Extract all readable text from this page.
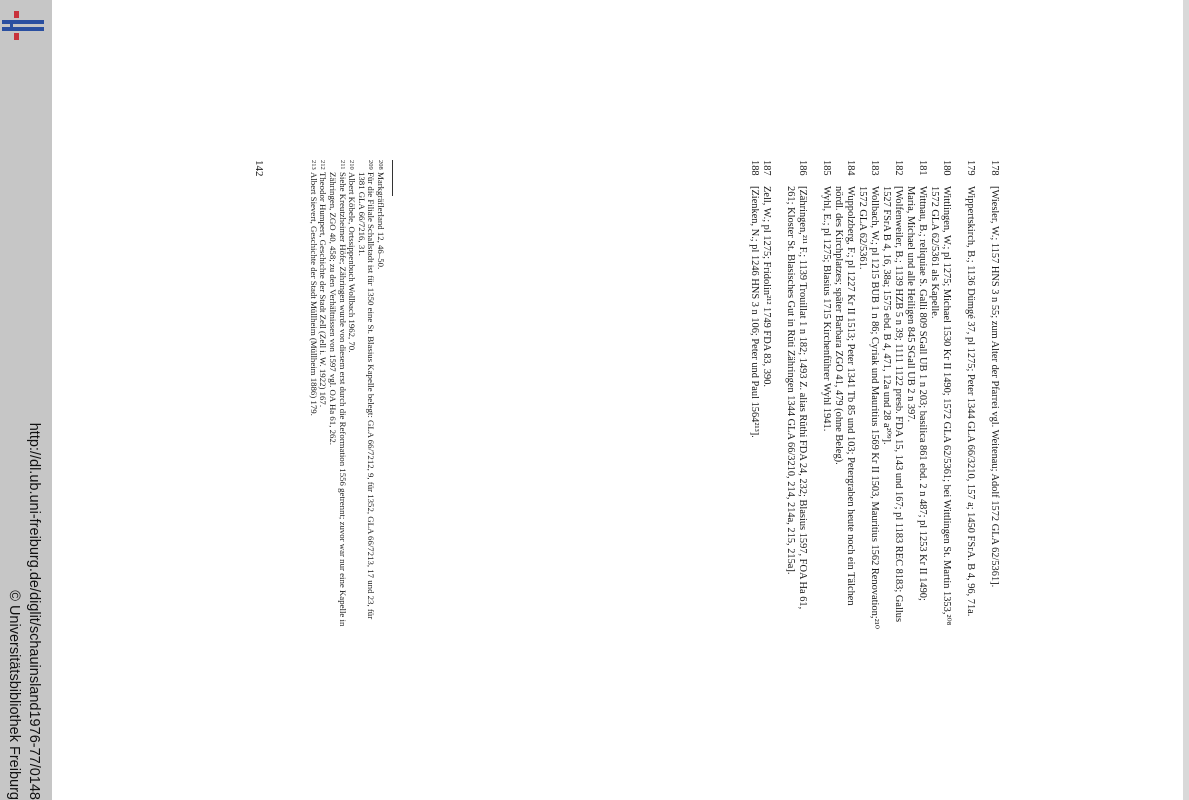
http://dl.ub.uni-freiburg.de/diglit/schauinsland1976-77/0148
© Universitätsbibliothek Freiburg
178
[Wiesler, W.; 1157 HNS 3 n 55; zum Alter der Pfarrei vgl. Weitenau; Adolf 1572 GLA 62/5361].
179
Wippertskirch, B.; 1136 Dümgé 37, pl 1275; Peter 1344 GLA 66/3210, 157 a; 1450 FSrA. B 4, 96, 71a.
180
Wittlingen, W.; pl 1275; Michael 1530 Kr II 1490; 1572 GLA 62/5361; bei Wittlingen St. Martin 1353,²⁰⁸ 1572 GLA 62/5361 als Kapelle.
181
Wittnau, B.; reliquiae S. Galli 809 SGall UB 1 n 203; basilica 861 ebd. 2 n 487; pl 1253 Kr II 1490; Maria, Michael und alle Heiligen 845 SGall UB 2 n 397.
182
[Wolfenweiler, B.; 1139 HZB 5 n 39; 1111 1122 presb. FDA 15, 143 und 167; pl 1183 REC 8183; Gallus 1527 FSrA B 4, 16, 38a; 1575 ebd. B 4, 471, 12a und 28 a²⁰⁹].
183
Wollbach, W.; pl 1215 BUB 1 n 86; Cyriak und Mauritius 1569 Kr II 1503, Mauritius 1562 Renovation;²¹⁰ 1572 GLA 62/5361.
184
Wuppolzberg, F.; pl 1227 Kr II 1513; Peter 1341 Tb 85 und 103; Petergraben heute noch ein Tälchen nördl. des Kirchplatzes; später Barbara ZGO 41, 479 (ohne Beleg).
185
Wyhl, E.; pl 1275; Blasius 1715 Kirchenführer Wyhl 1941.
186
[Zähringen,²¹¹ F.; 1139 Trouillat 1 n 182; 1493 Z. alias Rüthi FDA 24, 232; Blasius 1597, FOA Ha 61, 261; Kloster St. Blasisches Gut in Rüti Zähringen 1344 GLA 66/3210, 214, 214a, 215, 215a].
187
Zell, W.; pl 1275; Fridolin²¹² 1749 FDA 83, 390.
188
[Zienken, N.; pl 1246 HNS 3 n 106; Peter und Paul 1564²¹³].
208
Markgräflerland 12, 46–50.
209
Für die Filiale Schallstadt ist für 1350 eine St. Blasius Kapelle belegt: GLA 66/7212, 9, für 1352, GLA 66/7213, 17 und 23, für 1381 GLA 66/7216, 31.
210
Albert Köbele, Ortssippenbuch Wollbach 1962, 70.
211
Siehe Kreutzheimer Höfe; Zähringen wurde von diesem erst durch die Reformation 1556 getrennt; zuvor war nur eine Kapelle in Zähringen, ZGO 40, 458; zu den Verhältnissen von 1597 vgl. OA Ha 61, 262.
212
Theodor Humpert, Geschichte der Stadt Zell (Zell i. W. 1922) 167.
213
Albert Sievert, Geschichte der Stadt Müllheim (Müllheim 1886) 179.
142
